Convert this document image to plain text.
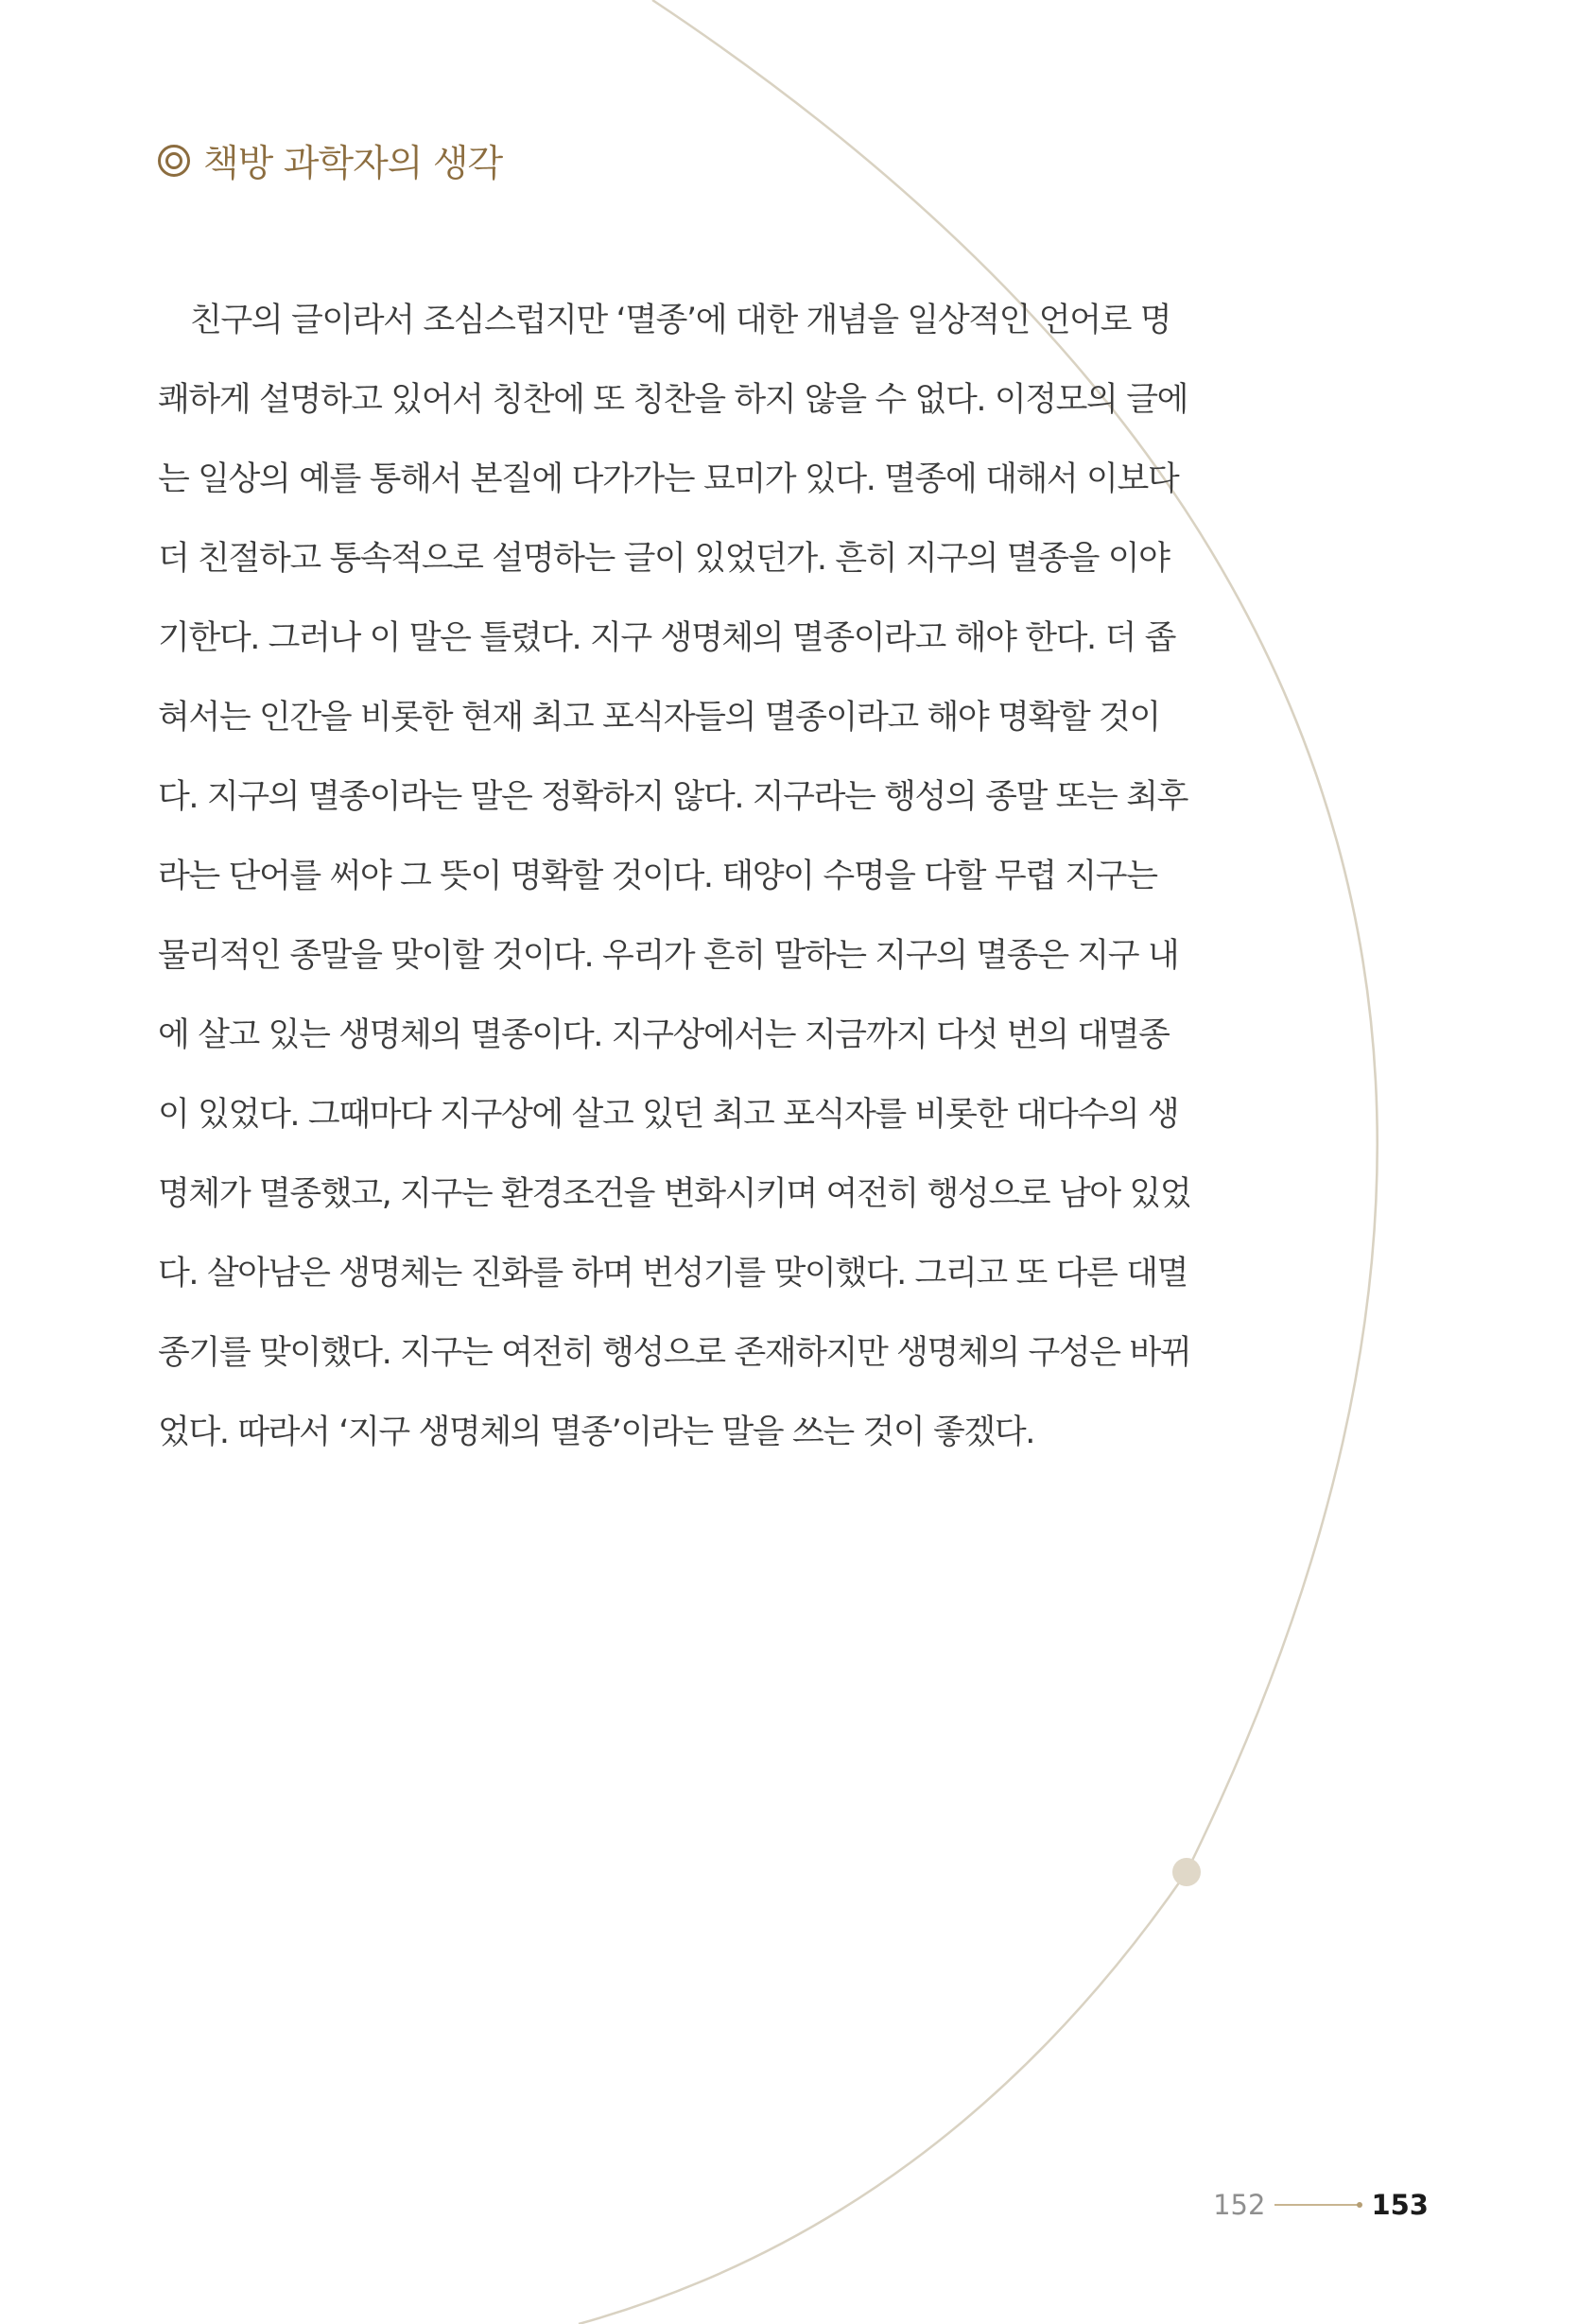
책방 과학자의 생각
친구의 글이라서 조심스럽지만 ‘멸종’에 대한 개념을 일상적인 언어로 명
쾌하게 설명하고 있어서 칭찬에 또 칭찬을 하지 않을 수 없다. 이정모의 글에
는 일상의 예를 통해서 본질에 다가가는 묘미가 있다. 멸종에 대해서 이보다
더 친절하고 통속적으로 설명하는 글이 있었던가. 흔히 지구의 멸종을 이야
기한다. 그러나 이 말은 틀렸다. 지구 생명체의 멸종이라고 해야 한다. 더 좁
혀서는 인간을 비롯한 현재 최고 포식자들의 멸종이라고 해야 명확할 것이
다. 지구의 멸종이라는 말은 정확하지 않다. 지구라는 행성의 종말 또는 최후
라는 단어를 써야 그 뜻이 명확할 것이다. 태양이 수명을 다할 무렵 지구는
물리적인 종말을 맞이할 것이다. 우리가 흔히 말하는 지구의 멸종은 지구 내
에 살고 있는 생명체의 멸종이다. 지구상에서는 지금까지 다섯 번의 대멸종
이 있었다. 그때마다 지구상에 살고 있던 최고 포식자를 비롯한 대다수의 생
명체가 멸종했고, 지구는 환경조건을 변화시키며 여전히 행성으로 남아 있었
다. 살아남은 생명체는 진화를 하며 번성기를 맞이했다. 그리고 또 다른 대멸
종기를 맞이했다. 지구는 여전히 행성으로 존재하지만 생명체의 구성은 바뀌
었다. 따라서 ‘지구 생명체의 멸종’이라는 말을 쓰는 것이 좋겠다.
152	153
